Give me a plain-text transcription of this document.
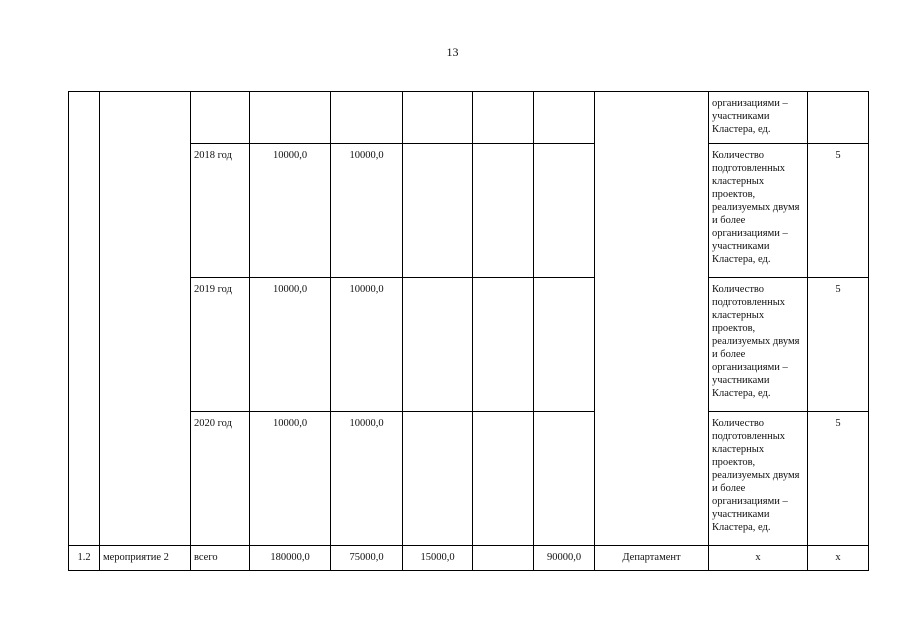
13
									организациями – участниками Кластера, ед.	
		2018 год	10000,0	10000,0					Количество подготовленных кластерных проектов, реализуемых двумя и более организациями – участниками Кластера, ед.	5
		2019 год	10000,0	10000,0					Количество подготовленных кластерных проектов, реализуемых двумя и более организациями – участниками Кластера, ед.	5
		2020 год	10000,0	10000,0					Количество подготовленных кластерных проектов, реализуемых двумя и более организациями – участниками Кластера, ед.	5
1.2	мероприятие 2	всего	180000,0	75000,0	15000,0		90000,0	Департамент	x	x
